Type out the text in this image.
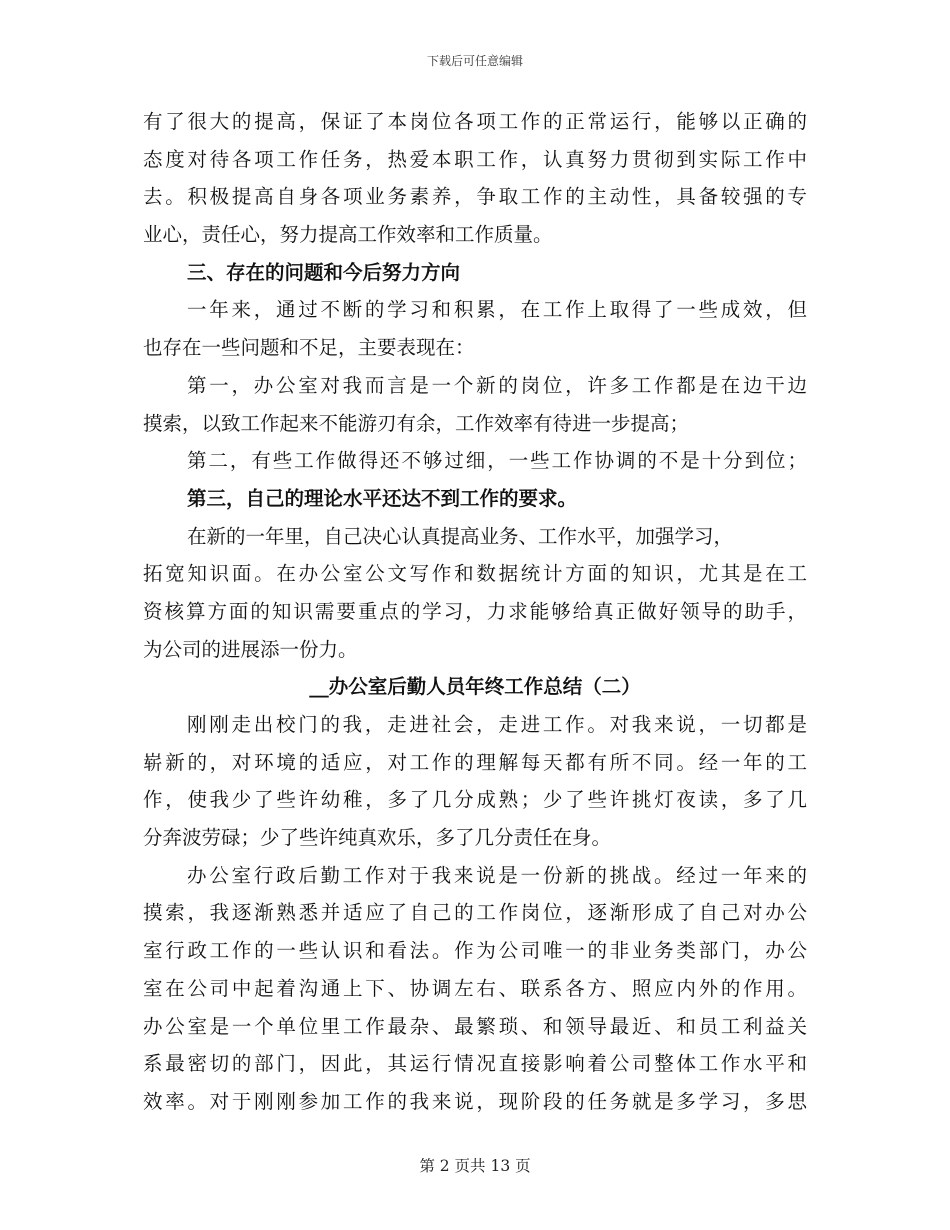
下载后可任意编辑
有了很大的提高，保证了本岗位各项工作的正常运行，能够以正确的
态度对待各项工作任务，热爱本职工作，认真努力贯彻到实际工作中
去。积极提高自身各项业务素养，争取工作的主动性，具备较强的专
业心，责任心，努力提高工作效率和工作质量。
三、存在的问题和今后努力方向
一年来，通过不断的学习和积累，在工作上取得了一些成效，但
也存在一些问题和不足，主要表现在：
第一，办公室对我而言是一个新的岗位，许多工作都是在边干边
摸索，以致工作起来不能游刃有余，工作效率有待进一步提高；
第二，有些工作做得还不够过细，一些工作协调的不是十分到位；
第三，自己的理论水平还达不到工作的要求。
在新的一年里，自己决心认真提高业务、工作水平，加强学习，
拓宽知识面。在办公室公文写作和数据统计方面的知识，尤其是在工
资核算方面的知识需要重点的学习，力求能够给真正做好领导的助手，
为公司的进展添一份力。
__办公室后勤人员年终工作总结（二）
刚刚走出校门的我，走进社会，走进工作。对我来说，一切都是
崭新的，对环境的适应，对工作的理解每天都有所不同。经一年的工
作，使我少了些许幼稚，多了几分成熟；少了些许挑灯夜读，多了几
分奔波劳碌；少了些许纯真欢乐，多了几分责任在身。
办公室行政后勤工作对于我来说是一份新的挑战。经过一年来的
摸索，我逐渐熟悉并适应了自己的工作岗位，逐渐形成了自己对办公
室行政工作的一些认识和看法。作为公司唯一的非业务类部门，办公
室在公司中起着沟通上下、协调左右、联系各方、照应内外的作用。
办公室是一个单位里工作最杂、最繁琐、和领导最近、和员工利益关
系最密切的部门，因此，其运行情况直接影响着公司整体工作水平和
效率。对于刚刚参加工作的我来说，现阶段的任务就是多学习，多思
第 2 页共 13 页
